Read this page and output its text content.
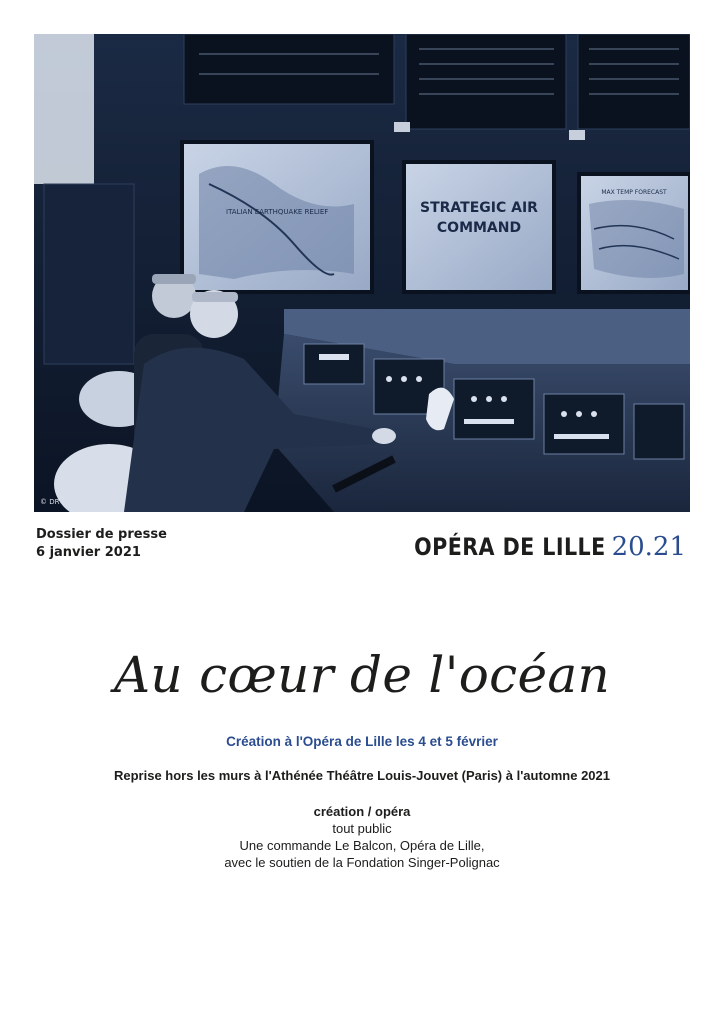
ITALIAN EARTHQUAKE RELIEF	STRATEGIC AIR
COMMAND
MAX TEMP FORECAST
© DR
Dossier de presse
6 janvier 2021	OPÉRA DE LILLE 20.21
Au cœur de l'océan
Création à l'Opéra de Lille les 4 et 5 février
Reprise hors les murs à l'Athénée Théâtre Louis-Jouvet (Paris) à l'automne 2021
création / opéra
tout public
Une commande Le Balcon, Opéra de Lille,
avec le soutien de la Fondation Singer-Polignac
